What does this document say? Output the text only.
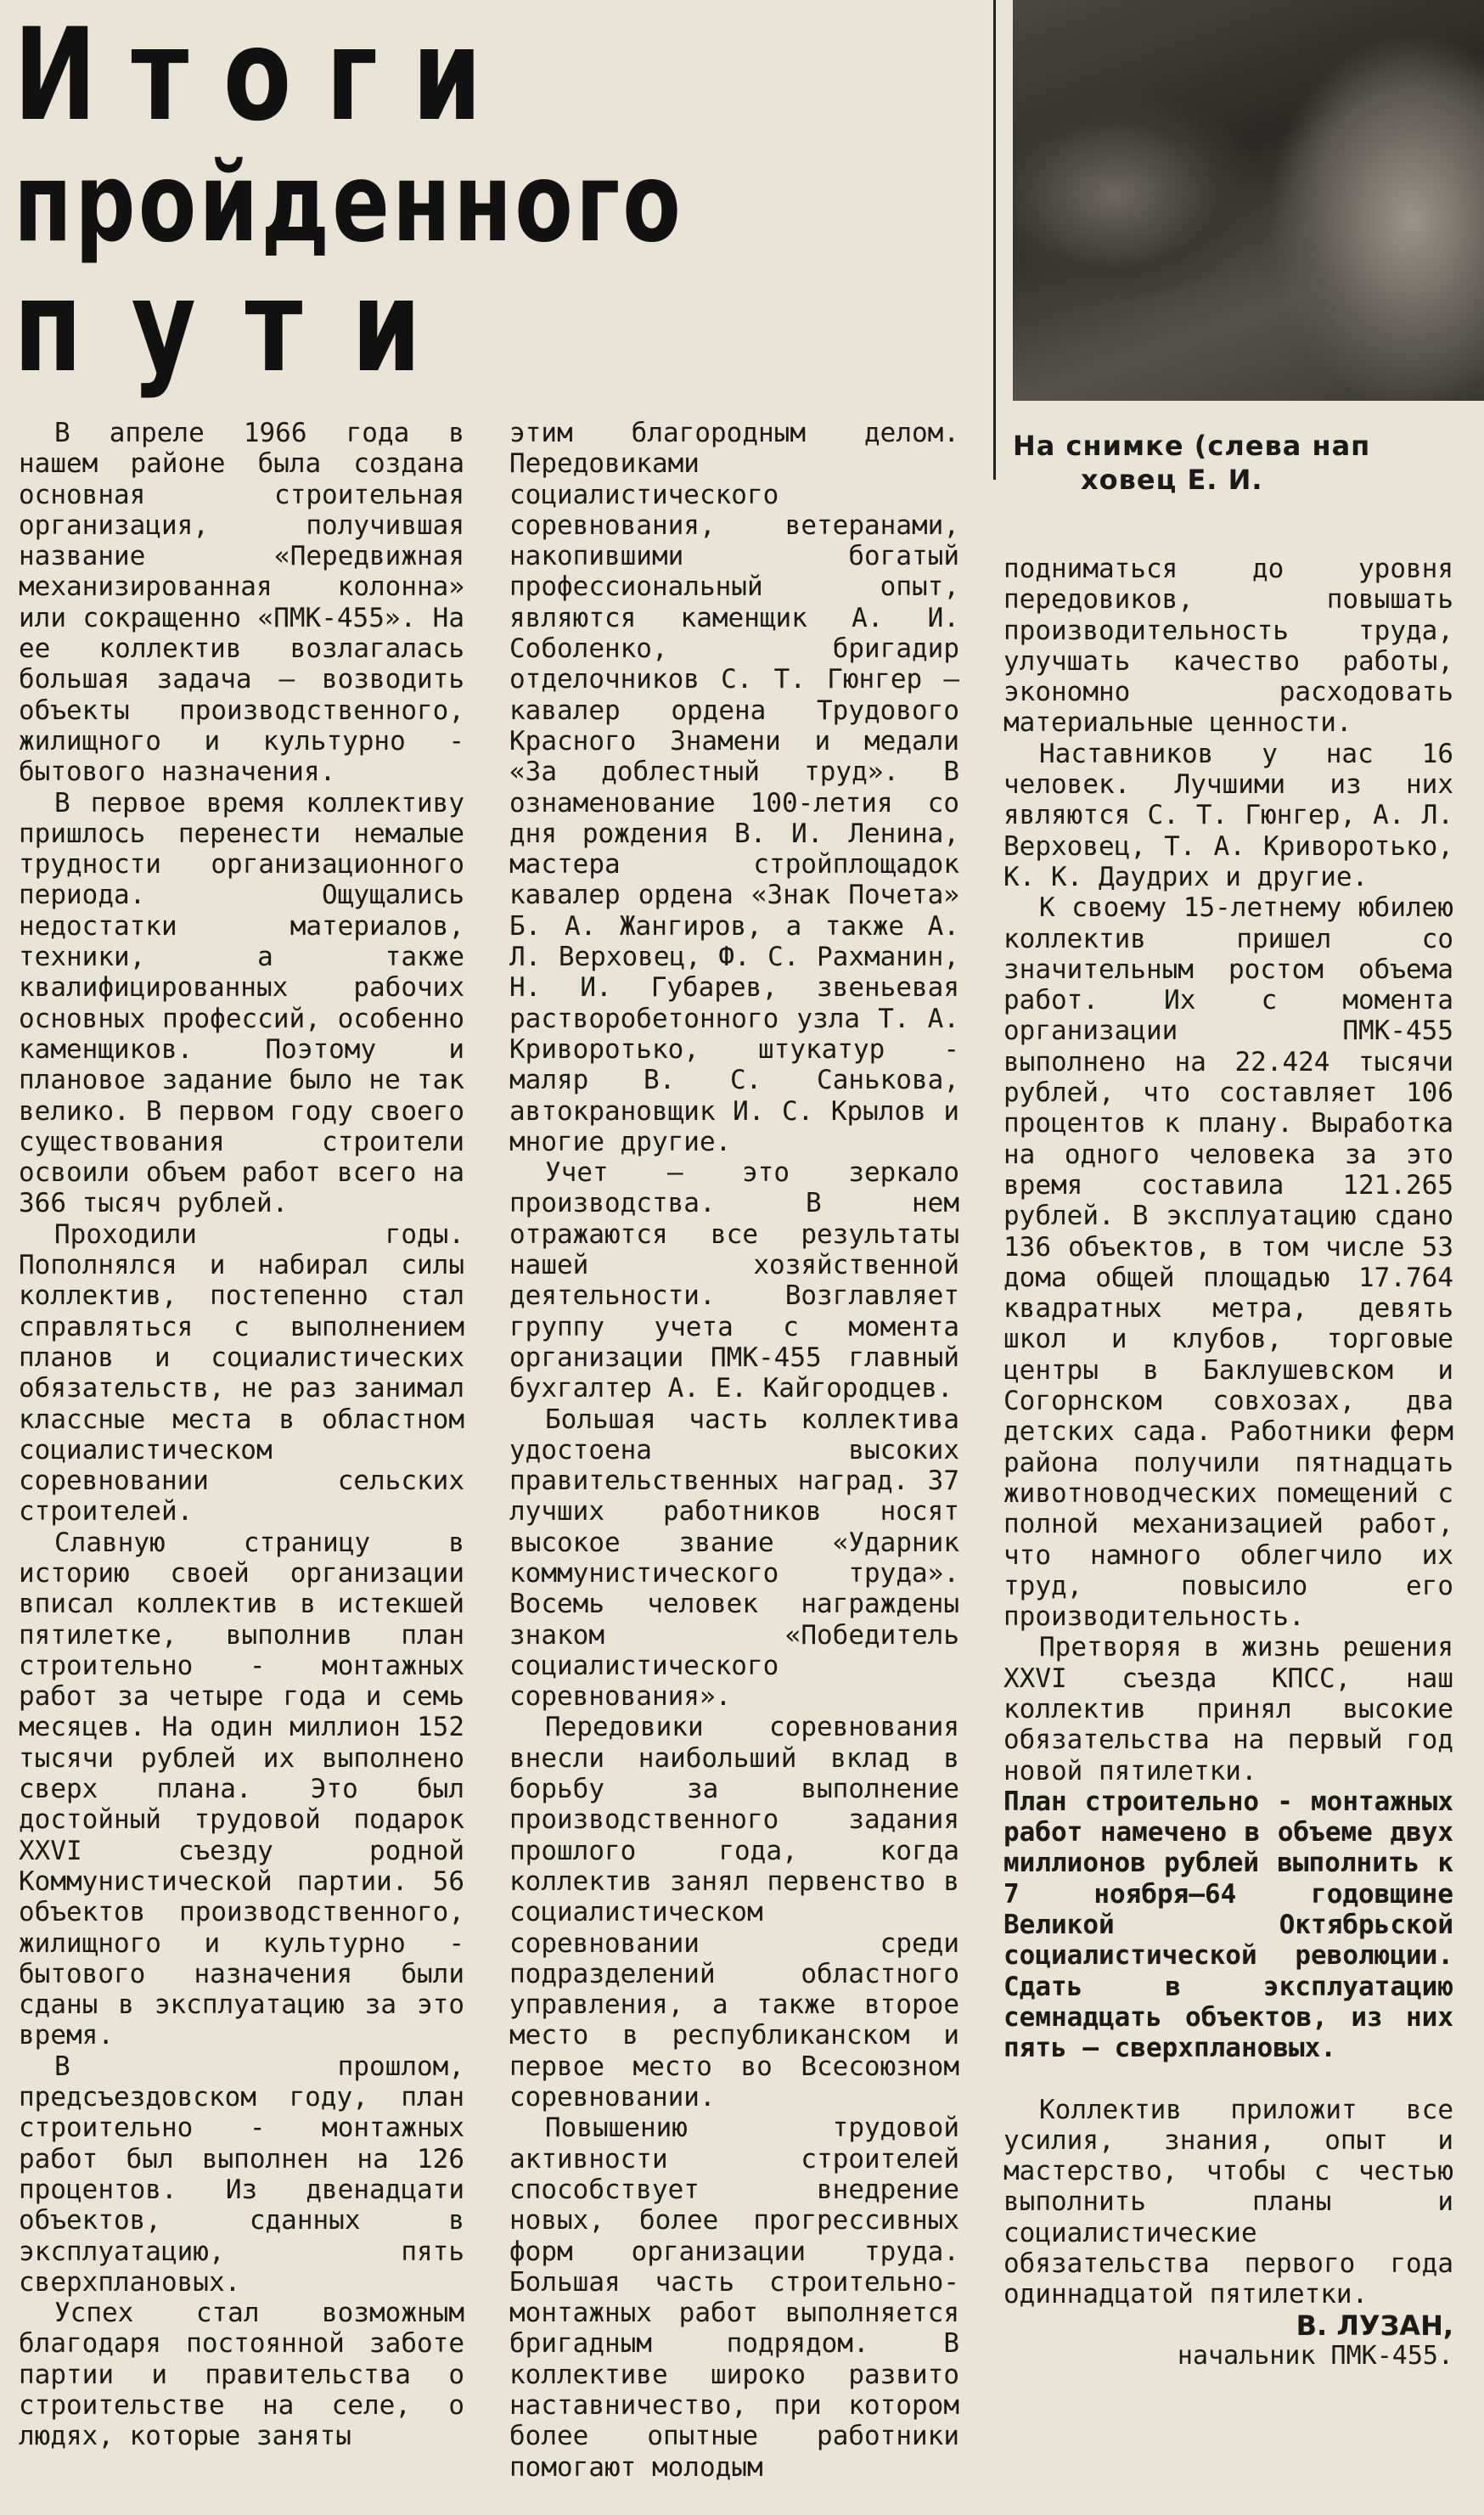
Итоги
пройденного
пути
На снимке (слева нап
ховец Е. И.

В апреле 1966 года в нашем районе была создана основная строительная организация, получившая название «Передвижная механизированная колонна» или сокращенно «ПМК-455». На ее коллектив возлагалась большая задача — возводить объекты производственного, жилищного и культурно - бытового назначения.

В первое время коллективу пришлось перенести немалые трудности организационного периода. Ощущались недостатки материалов, техники, а также квалифицированных рабочих основных профессий, особенно каменщиков. Поэтому и плановое задание было не так велико. В первом году своего существования строители освоили объем работ всего на 366 тысяч рублей.

Проходили годы. Пополнялся и набирал силы коллектив, постепенно стал справляться с выполнением планов и социалистических обязательств, не раз занимал классные места в областном социалистическом соревновании сельских строителей.

Славную страницу в историю своей организации вписал коллектив в истекшей пятилетке, выполнив план строительно - монтажных работ за четыре года и семь месяцев. На один миллион 152 тысячи рублей их выполнено сверх плана. Это был достойный трудовой подарок XXVI съезду родной Коммунистической партии. 56 объектов производственного, жилищного и культурно - бытового назначения были сданы в эксплуатацию за это время.

В прошлом, предсъездовском году, план строительно - монтажных работ был выполнен на 126 процентов. Из двенадцати объектов, сданных в эксплуатацию, пять сверхплановых.

Успех стал возможным благодаря постоянной заботе партии и правительства о строительстве на селе, о людях, которые заняты

этим благородным делом. Передовиками социалистического соревнования, ветеранами, накопившими богатый профессиональный опыт, являются каменщик А. И. Соболенко, бригадир отделочников С. Т. Гюнгер — кавалер ордена Трудового Красного Знамени и медали «За доблестный труд». В ознаменование 100-летия со дня рождения В. И. Ленина, мастера стройплощадок кавалер ордена «Знак Почета» Б. А. Жангиров, а также А. Л. Верховец, Ф. С. Рахманин, Н. И. Губарев, звеньевая растворобетонного узла Т. А. Криворотько, штукатур - маляр В. С. Санькова, автокрановщик И. С. Крылов и многие другие.

Учет — это зеркало производства. В нем отражаются все результаты нашей хозяйственной деятельности. Возглавляет группу учета с момента организации ПМК-455 главный бухгалтер А. Е. Кайгородцев.

Большая часть коллектива удостоена высоких правительственных наград. 37 лучших работников носят высокое звание «Ударник коммунистического труда». Восемь человек награждены знаком «Победитель социалистического соревнования».

Передовики соревнования внесли наибольший вклад в борьбу за выполнение производственного задания прошлого года, когда коллектив занял первенство в социалистическом соревновании среди подразделений областного управления, а также второе место в республиканском и первое место во Всесоюзном соревновании.

Повышению трудовой активности строителей способствует внедрение новых, более прогрессивных форм организации труда. Большая часть строительно-монтажных работ выполняется бригадным подрядом. В коллективе широко развито наставничество, при котором более опытные работники помогают молодым

подниматься до уровня передовиков, повышать производительность труда, улучшать качество работы, экономно расходовать материальные ценности.

Наставников у нас 16 человек. Лучшими из них являются С. Т. Гюнгер, А. Л. Верховец, Т. А. Криворотько, К. К. Даудрих и другие.

К своему 15-летнему юбилею коллектив пришел со значительным ростом объема работ. Их с момента организации ПМК-455 выполнено на 22.424 тысячи рублей, что составляет 106 процентов к плану. Выработка на одного человека за это время составила 121.265 рублей. В эксплуатацию сдано 136 объектов, в том числе 53 дома общей площадью 17.764 квадратных метра, девять школ и клубов, торговые центры в Баклушевском и Согорнском совхозах, два детских сада. Работники ферм района получили пятнадцать животноводческих помещений с полной механизацией работ, что намного облегчило их труд, повысило его производительность.

Претворяя в жизнь решения XXVI съезда КПСС, наш коллектив принял высокие обязательства на первый год новой пятилетки.

План строительно - монтажных работ намечено в объеме двух миллионов рублей выполнить к 7 ноября—64 годовщине Великой Октябрьской социалистической революции. Сдать в эксплуатацию семнадцать объектов, из них пять — сверхплановых.

Коллектив приложит все усилия, знания, опыт и мастерство, чтобы с честью выполнить планы и социалистические обязательства первого года одиннадцатой пятилетки.

В. ЛУЗАН,
начальник ПМК-455.
